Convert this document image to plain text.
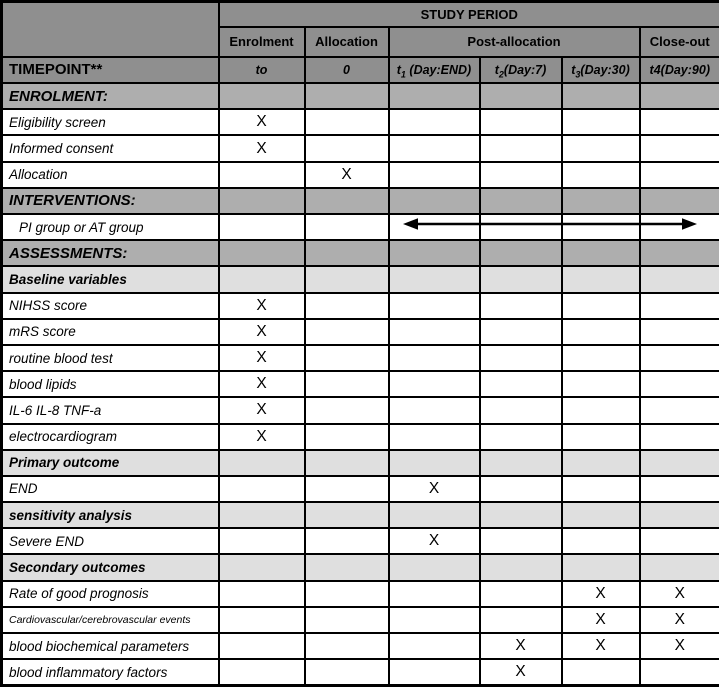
	STUDY PERIOD					
	Enrolment	Allocation	Post-allocation			Close-out
TIMEPOINT**	to	0	$t_1$ (Day:END)	$t_2(Day:7)$	$t_3(Day:30)$	t4(Day:90)
ENROLMENT:						
Eligibility screen	X					
Informed consent	X					
Allocation		X				
INTERVENTIONS:						
PI group or AT group						
ASSESSMENTS:						
Baseline variables						
NIHSS score	X					
mRS score	X					
routine blood test	X					
blood lipids	X					
IL-6 IL-8 TNF-a	X					
electrocardiogram	X					
Primary outcome						
END			X			
sensitivity analysis						
Severe END			X			
Secondary outcomes						
Rate of good prognosis					X	X
Cardiovascular/cerebrovascular events					X	X
blood biochemical parameters				X	X	X
blood inflammatory factors				X		
